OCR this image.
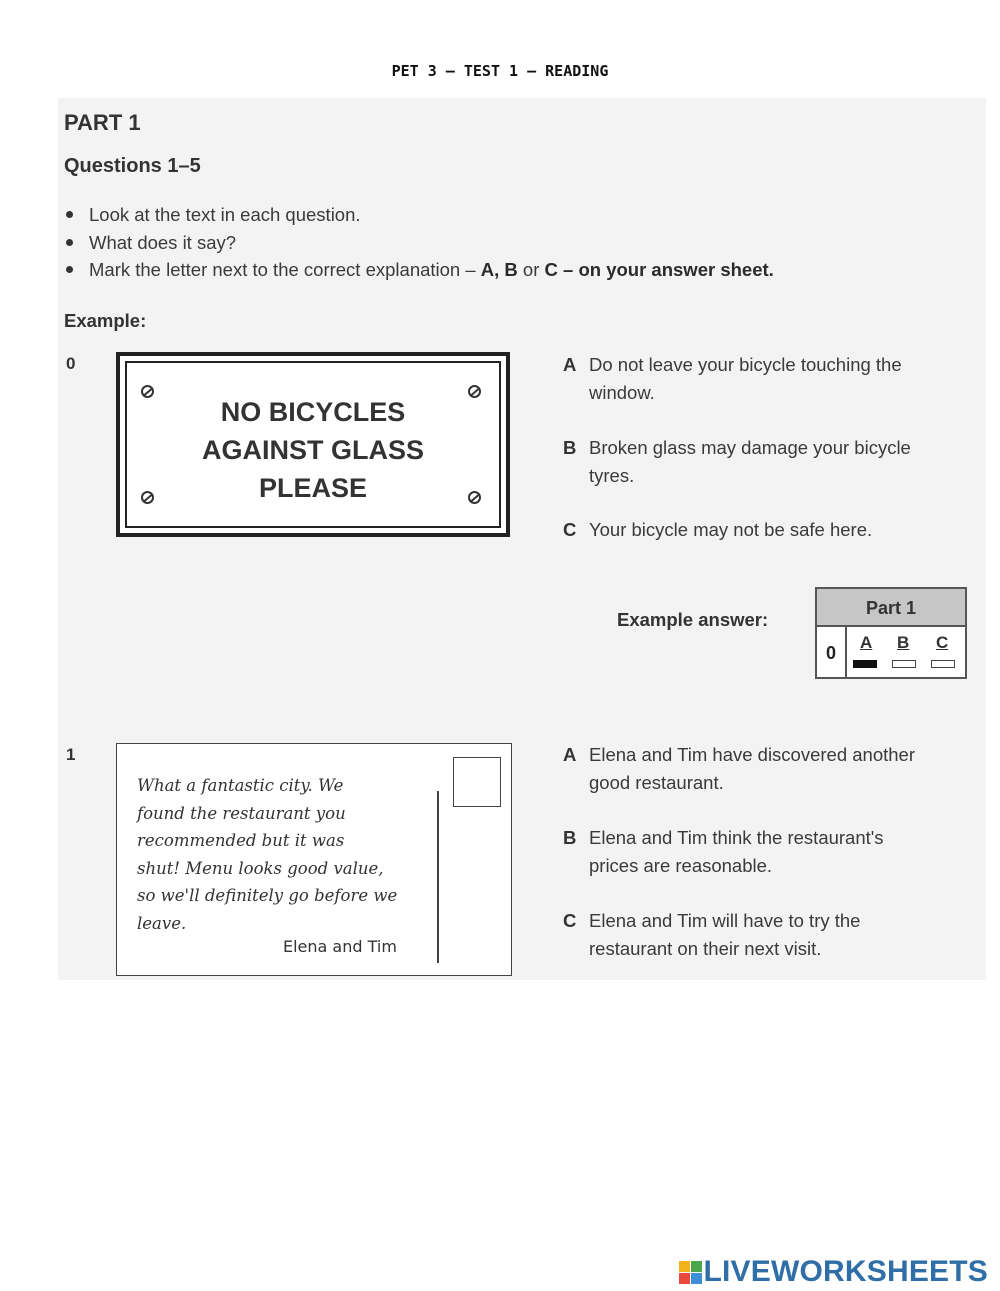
PET 3 – TEST 1 – READING
PART 1
Questions 1–5
Look at the text in each question.
What does it say?
Mark the letter next to the correct explanation – A, B or C – on your answer sheet.
Example:
0
NO BICYCLES
AGAINST GLASS
PLEASE
A Do not leave your bicycle touching the
window.
B Broken glass may damage your bicycle
tyres.
C Your bicycle may not be safe here.
Example answer:
Part 1
0
A B C
1
What a fantastic city. We
found the restaurant you
recommended but it was
shut! Menu looks good value,
so we'll definitely go before we
leave.
Elena and Tim
A Elena and Tim have discovered another
good restaurant.
B Elena and Tim think the restaurant's
prices are reasonable.
C Elena and Tim will have to try the
restaurant on their next visit.
LIVEWORKSHEETS
